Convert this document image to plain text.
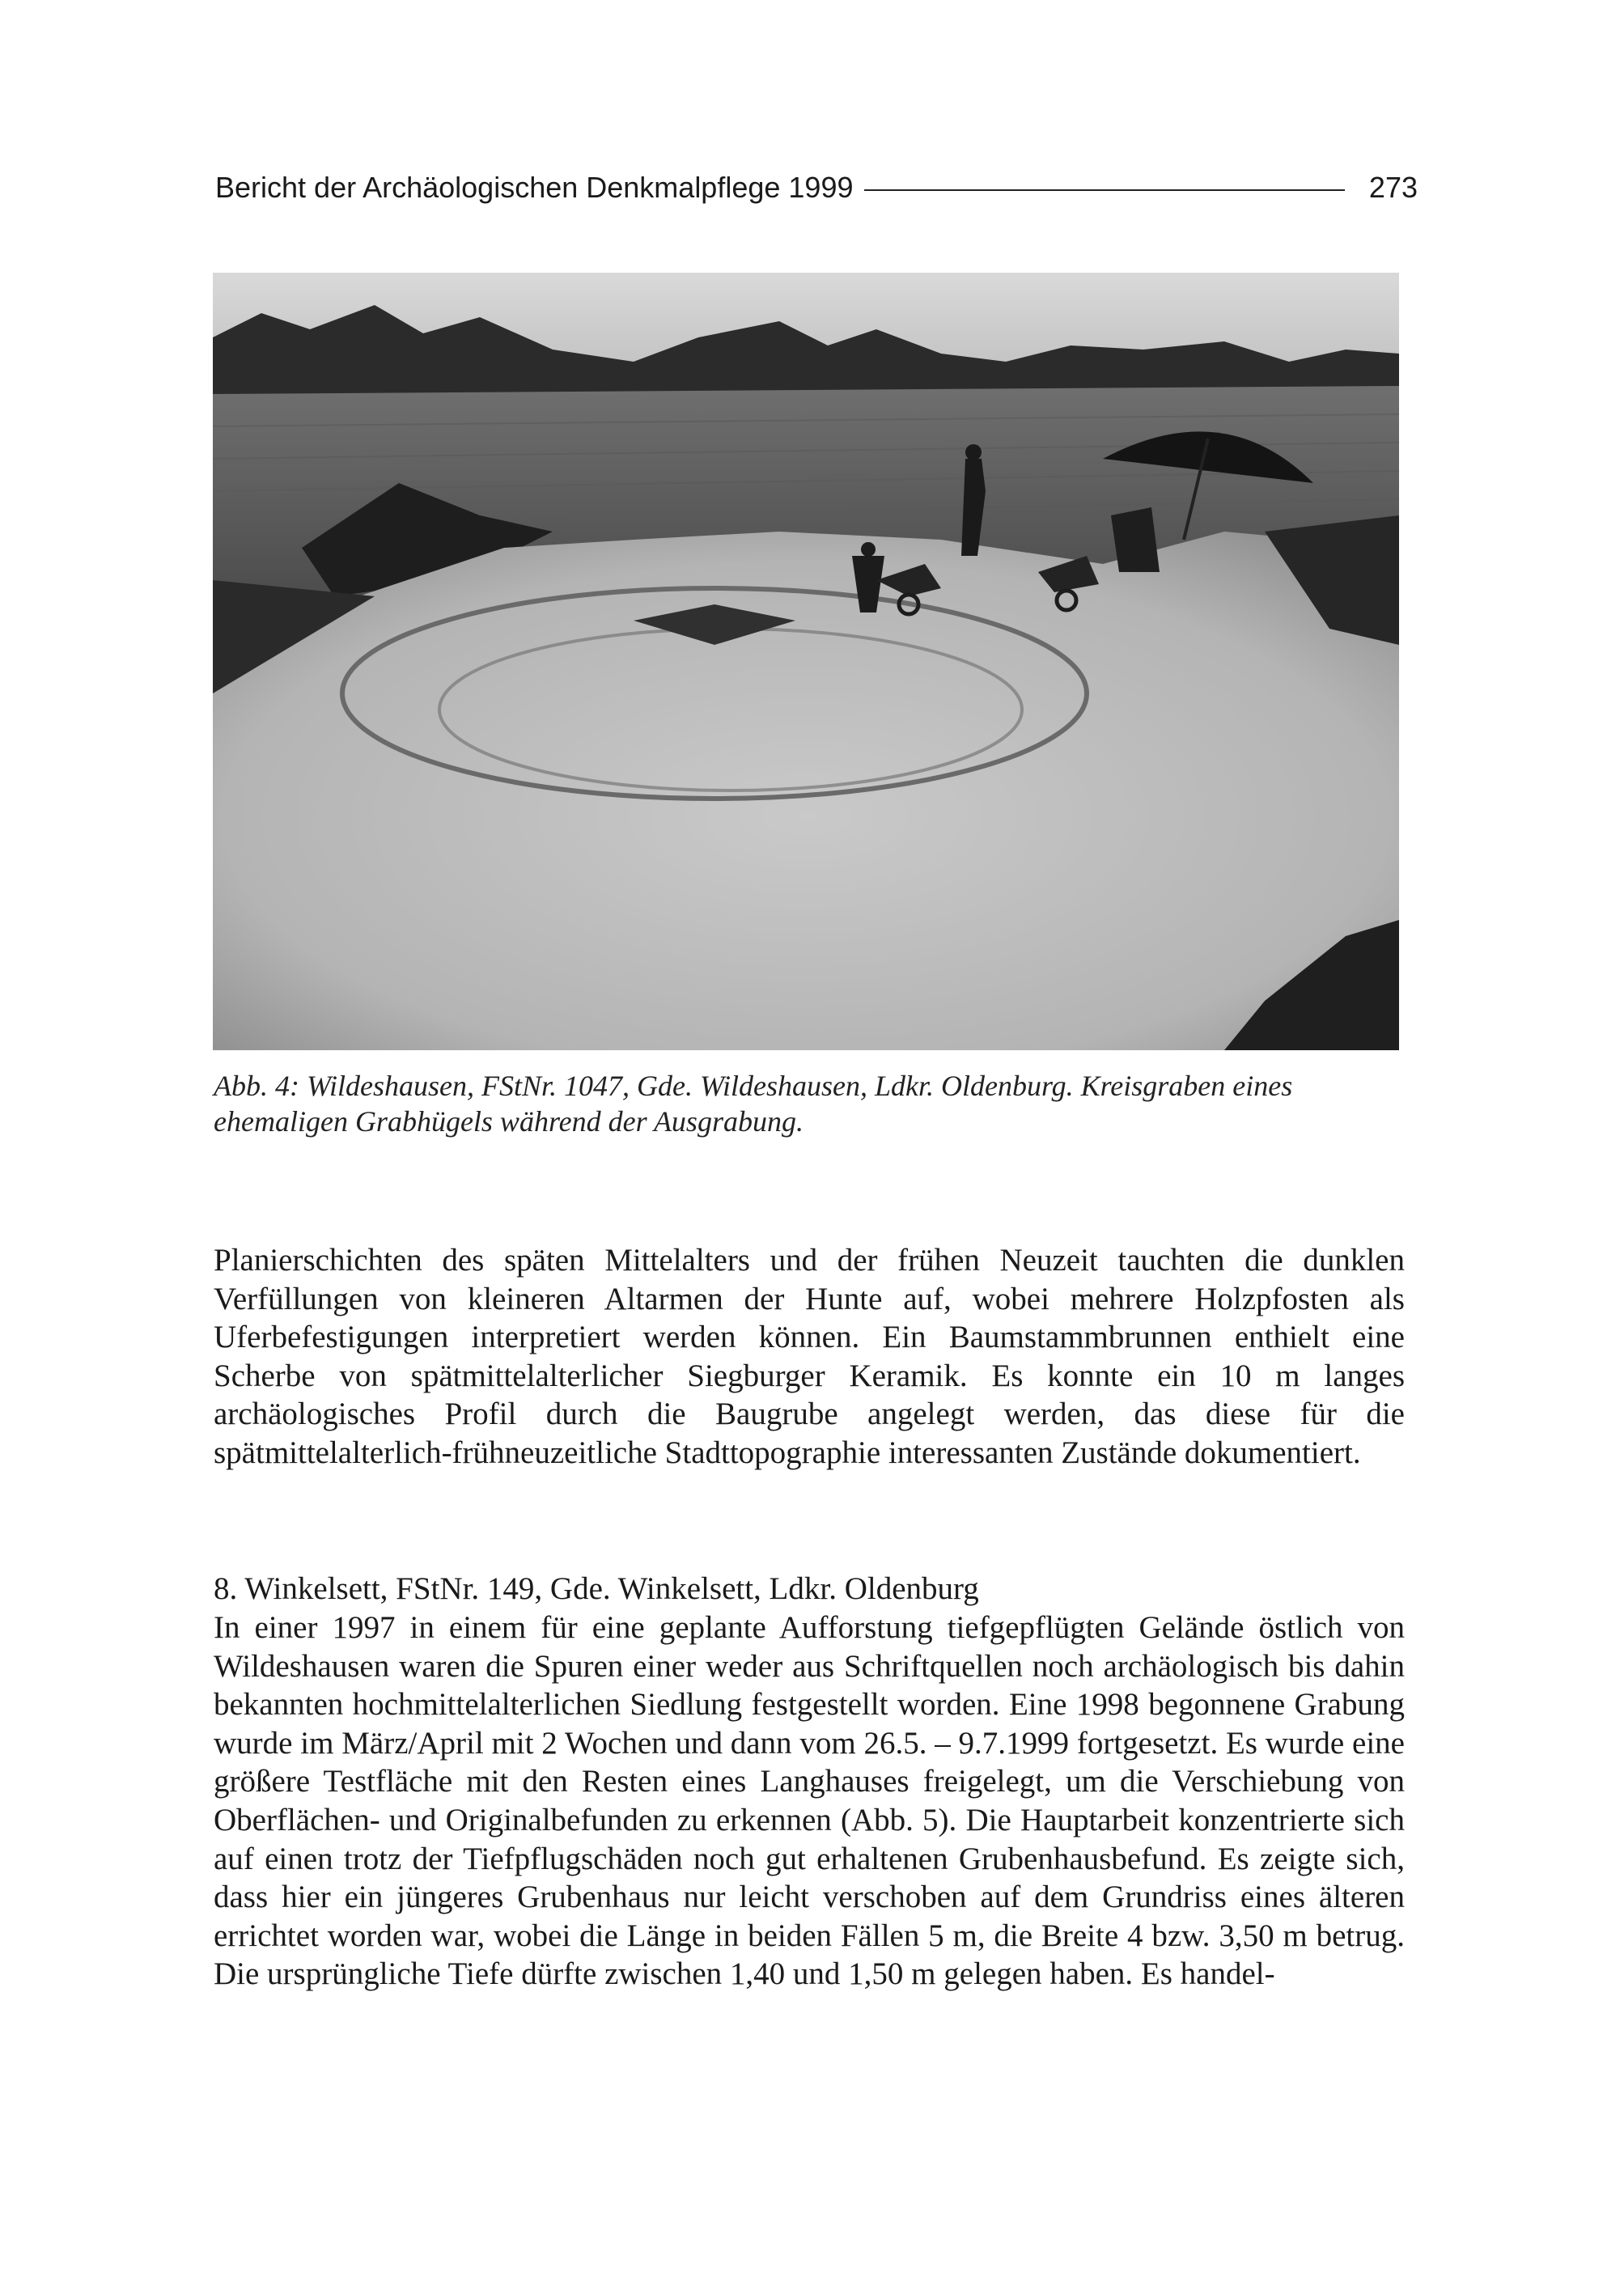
Bericht der Archäologischen Denkmalpflege 1999	273
Abb. 4: Wildeshausen, FStNr. 1047, Gde. Wildeshausen, Ldkr. Oldenburg. Kreisgraben eines ehemaligen Grabhügels während der Ausgrabung.

Planierschichten des späten Mittelalters und der frühen Neuzeit tauchten die dunklen Verfüllungen von kleineren Altarmen der Hunte auf, wobei mehrere Holzpfosten als Uferbefestigungen interpretiert werden können. Ein Baumstammbrunnen enthielt eine Scherbe von spätmittelalterlicher Siegburger Keramik. Es konnte ein 10 m langes archäologisches Profil durch die Baugrube angelegt werden, das diese für die spätmittelalterlich-frühneuzeitliche Stadttopographie interessanten Zustände dokumentiert.

8. Winkelsett, FStNr. 149, Gde. Winkelsett, Ldkr. Oldenburg

In einer 1997 in einem für eine geplante Aufforstung tiefgepflügten Gelände östlich von Wildeshausen waren die Spuren einer weder aus Schriftquellen noch archäologisch bis dahin bekannten hochmittelalterlichen Siedlung festgestellt worden. Eine 1998 begonnene Grabung wurde im März/April mit 2 Wochen und dann vom 26.5. – 9.7.1999 fortgesetzt. Es wurde eine größere Testfläche mit den Resten eines Langhauses freigelegt, um die Verschiebung von Oberflächen- und Originalbefunden zu erkennen (Abb. 5). Die Hauptarbeit konzentrierte sich auf einen trotz der Tiefpflugschäden noch gut erhaltenen Grubenhausbefund. Es zeigte sich, dass hier ein jüngeres Grubenhaus nur leicht verschoben auf dem Grundriss eines älteren errichtet worden war, wobei die Länge in beiden Fällen 5 m, die Breite 4 bzw. 3,50 m betrug. Die ursprüngliche Tiefe dürfte zwischen 1,40 und 1,50 m gelegen haben. Es handel-
